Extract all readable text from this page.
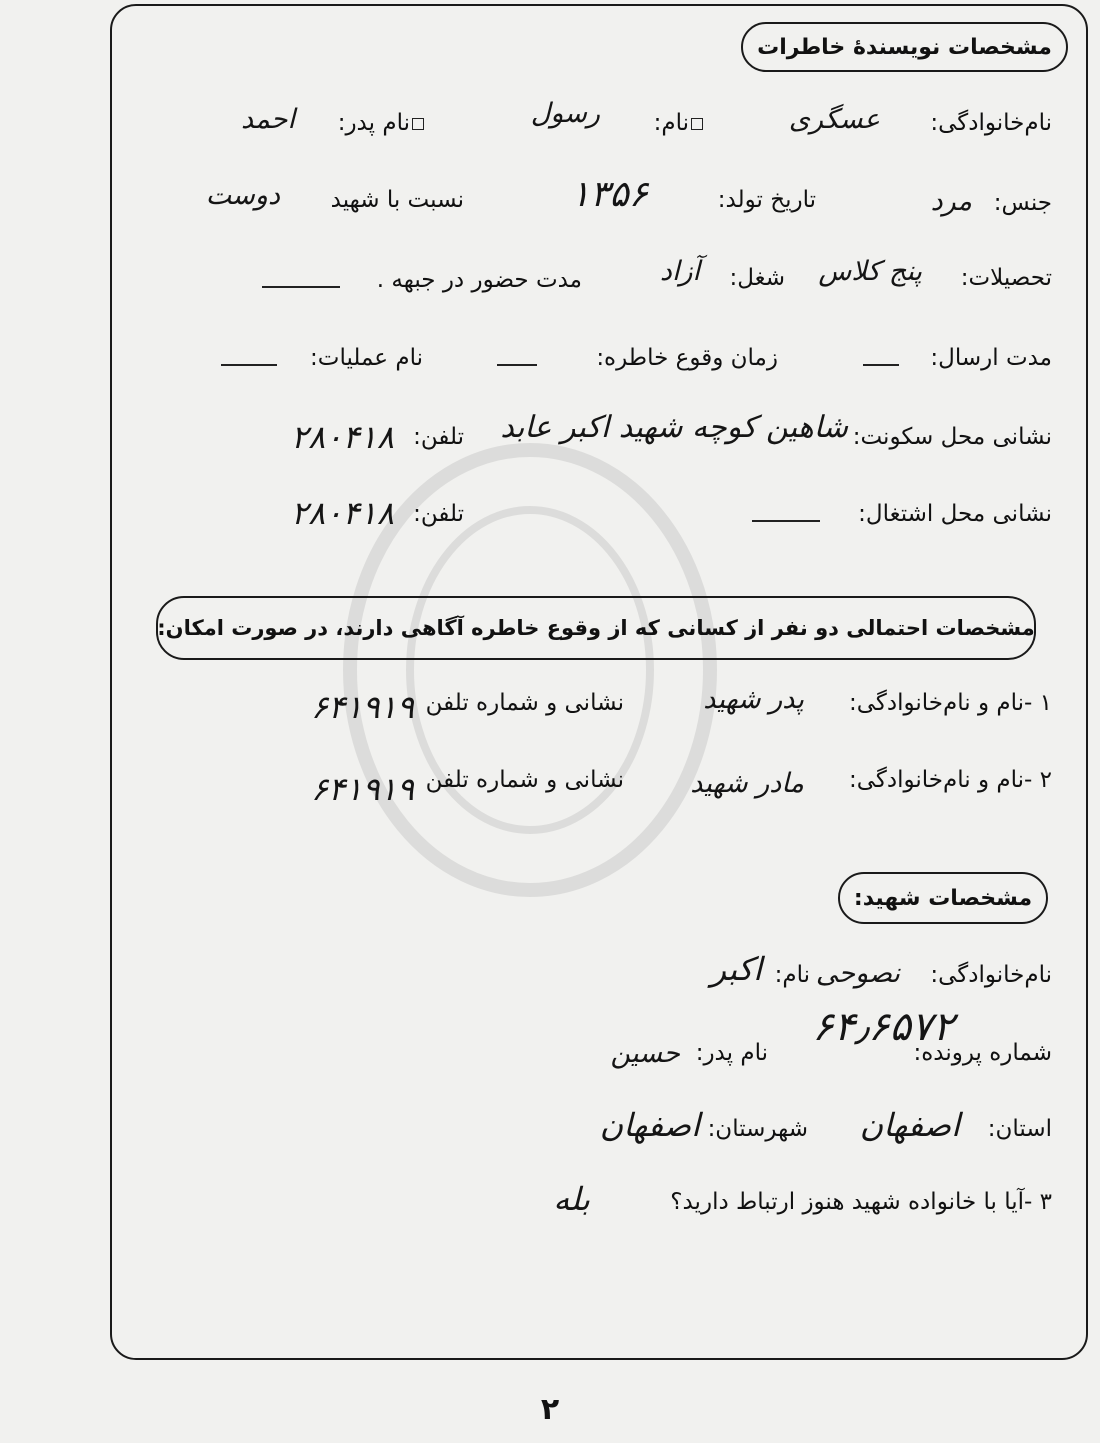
مشخصات نویسندهٔ خاطرات
نام‌خانوادگی:
عسگری
نام:
رسول
نام پدر:
احمد
جنس:
مرد
تاریخ تولد:
۱۳۵۶
نسبت با شهید
دوست
تحصیلات:
پنج کلاس
شغل:
آزاد
مدت حضور در جبهه .
مدت ارسال:
زمان وقوع خاطره:
نام عملیات:
نشانی محل سکونت:
شاهین کوچه شهید اکبر عابد
تلفن:
۲۸۰۴۱۸
نشانی محل اشتغال:
تلفن:
۲۸۰۴۱۸
مشخصات احتمالی دو نفر از کسانی که از وقوع خاطره آگاهی دارند، در صورت امکان:
۱ -نام و نام‌خانوادگی:
پدر شهید
نشانی و شماره تلفن
۶۴۱۹۱۹
۲ -نام و نام‌خانوادگی:
مادر شهید
نشانی و شماره تلفن
۶۴۱۹۱۹
مشخصات شهید:
نام‌خانوادگی:
نصوحی
نام:
اکبر
شماره پرونده:
۶۴٫۶۵۷۲
نام پدر:
حسین
استان:
اصفهان
شهرستان:
اصفهان
۳ -آیا با خانواده شهید هنوز ارتباط دارید؟
بله
۲
